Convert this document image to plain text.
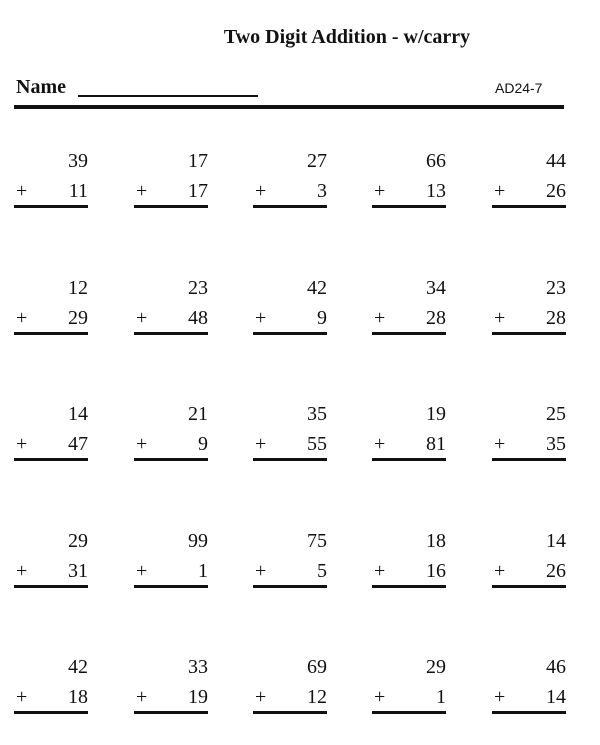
Two Digit Addition - w/carry
Name	AD24-7
39
+ 11
17
+ 17
27
+	3
66
+ 13
44
+ 26
12
+ 29
23
+ 48
42
+	9
34
+ 28
23
+ 28
14
+ 47
21
+	9
35
+ 55
19
+ 81
25
+ 35
29
+ 31
99
+	1
75
+	5
18
+ 16
14
+ 26
42
+ 18
33
+ 19
69
+ 12
29
+	1
46
+ 14
